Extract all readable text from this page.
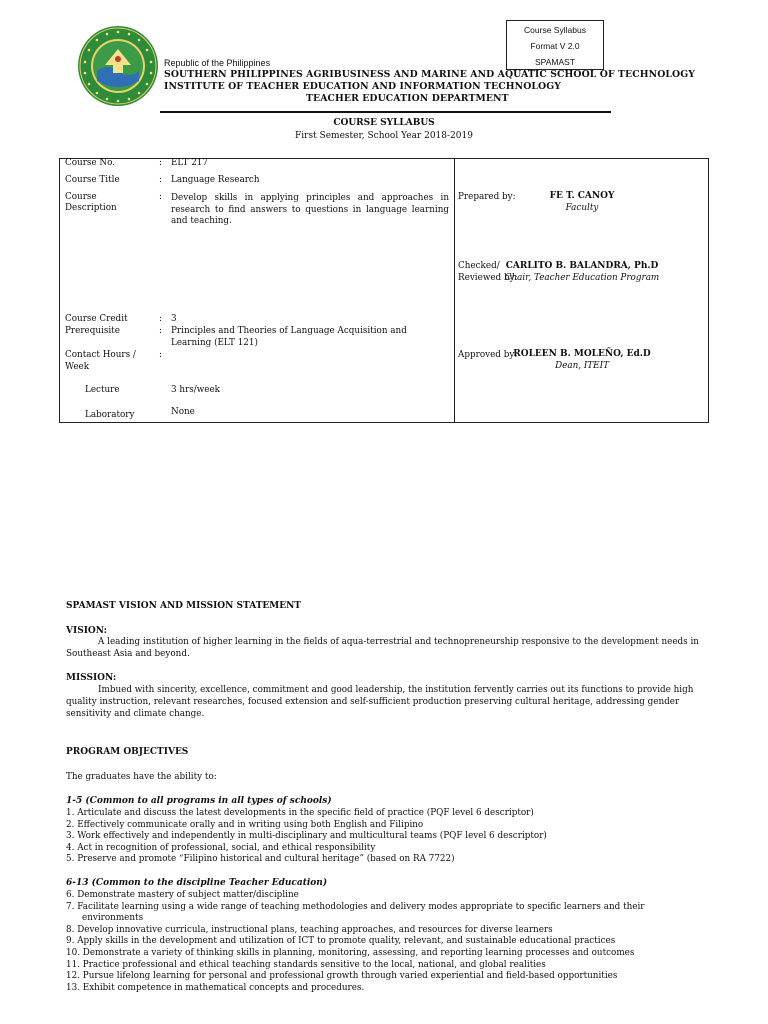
Course Syllabus
Format V 2.0
SPAMAST
Republic of the Philippines
SOUTHERN PHILIPPINES AGRIBUSINESS AND MARINE AND AQUATIC SCHOOL OF TECHNOLOGY
INSTITUTE OF TEACHER EDUCATION AND INFORMATION TECHNOLOGY
TEACHER EDUCATION DEPARTMENT
COURSE SYLLABUS
First Semester, School Year 2018-2019
Course No.	: ELT 217
Course Title	: Language Research
Course
Description
: Develop skills in applying principles and approaches in research to find answers to questions in language learning and teaching.
Course Credit	: 3
Prerequisite	: Principles and Theories of Language Acquisition and Learning (ELT 121)
Contact Hours /
Week
:
Lecture	3 hrs/week
Laboratory	None
Prepared by:	FE T. CANOY
Faculty
Checked/
Reviewed by:
CARLITO B. BALANDRA, Ph.D
Chair, Teacher Education Program
Approved by:
ROLEEN B. MOLEÑO, Ed.D
Dean, ITEIT
SPAMAST VISION AND MISSION STATEMENT
VISION:
A leading institution of higher learning in the fields of aqua-terrestrial and technopreneurship responsive to the development needs in Southeast Asia and beyond.
MISSION:
Imbued with sincerity, excellence, commitment and good leadership, the institution fervently carries out its functions to provide high quality instruction, relevant researches, focused extension and self-sufficient production preserving cultural heritage, addressing gender sensitivity and climate change.
PROGRAM OBJECTIVES
The graduates have the ability to:
1-5 (Common to all programs in all types of schools)
1. Articulate and discuss the latest developments in the specific field of practice (PQF level 6 descriptor)
2. Effectively communicate orally and in writing using both English and Filipino
3. Work effectively and independently in multi-disciplinary and multicultural teams (PQF level 6 descriptor)
4. Act in recognition of professional, social, and ethical responsibility
5. Preserve and promote “Filipino historical and cultural heritage” (based on RA 7722)
6-13 (Common to the discipline Teacher Education)
6. Demonstrate mastery of subject matter/discipline
7. Facilitate learning using a wide range of teaching methodologies and delivery modes appropriate to specific learners and their
environments
8. Develop innovative curricula, instructional plans, teaching approaches, and resources for diverse learners
9. Apply skills in the development and utilization of ICT to promote quality, relevant, and sustainable educational practices
10. Demonstrate a variety of thinking skills in planning, monitoring, assessing, and reporting learning processes and outcomes
11. Practice professional and ethical teaching standards sensitive to the local, national, and global realities
12. Pursue lifelong learning for personal and professional growth through varied experiential and field-based opportunities
13. Exhibit competence in mathematical concepts and procedures.
